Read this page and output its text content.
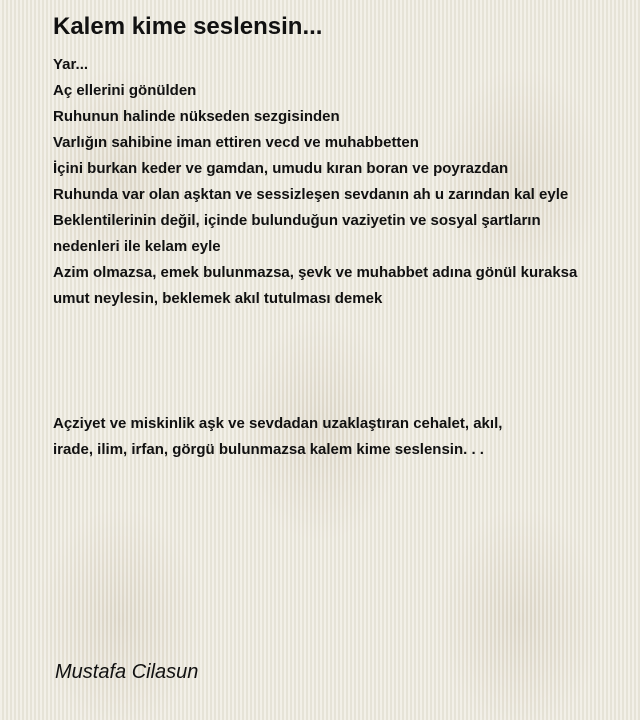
Kalem kime seslensin...
Yar...
Aç ellerini gönülden
Ruhunun halinde nükseden sezgisinden
Varlığın sahibine iman ettiren vecd ve muhabbetten
İçini burkan keder ve gamdan, umudu kıran boran ve poyrazdan
Ruhunda var olan aşktan ve sessizleşen sevdanın ah u zarından kal eyle
Beklentilerinin değil, içinde bulunduğun vaziyetin ve sosyal şartların
nedenleri ile kelam eyle
Azim olmazsa, emek bulunmazsa, şevk ve muhabbet adına gönül kuraksa
umut neylesin, beklemek akıl tutulması demek
Açziyet ve miskinlik aşk ve sevdadan uzaklaştıran cehalet, akıl,
irade, ilim, irfan, görgü bulunmazsa kalem kime seslensin. . .
Mustafa Cilasun
